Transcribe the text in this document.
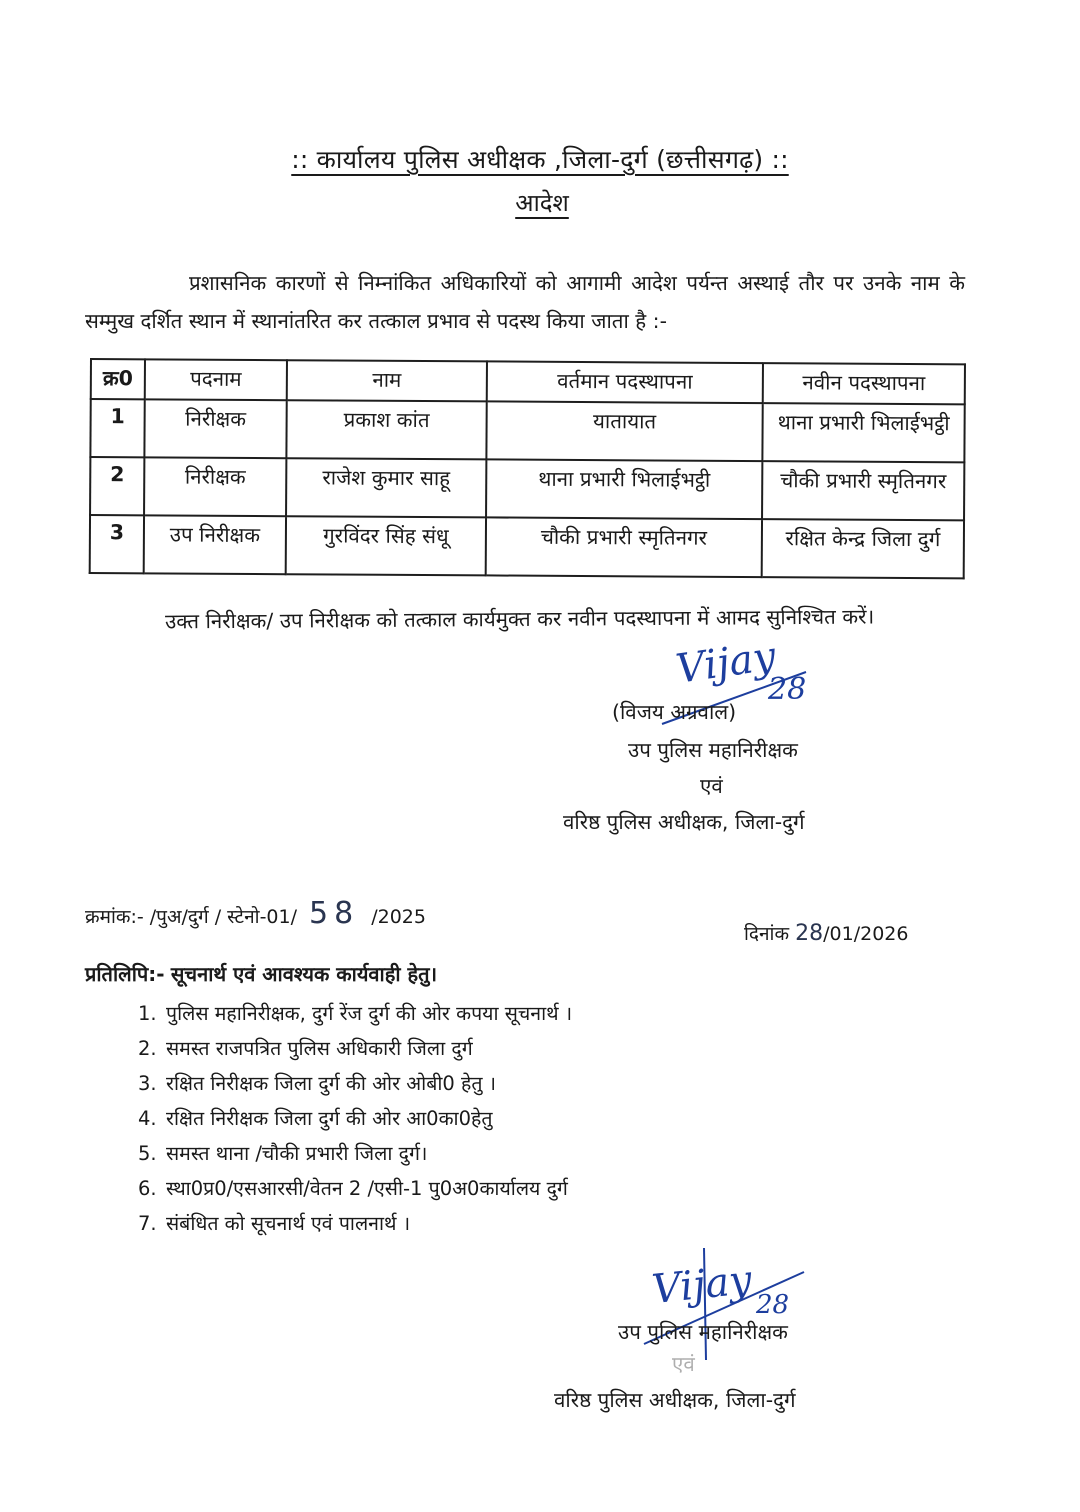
:: कार्यालय पुलिस अधीक्षक ,जिला-दुर्ग (छत्तीसगढ़) ::
आदेश
प्रशासनिक कारणों से निम्नांकित अधिकारियों को आगामी आदेश पर्यन्त अस्थाई तौर पर उनके नाम के सम्मुख दर्शित स्थान में स्थानांतरित कर तत्काल प्रभाव से पदस्थ किया जाता है :-
क्र0	पदनाम	नाम	वर्तमान पदस्थापना	नवीन पदस्थापना
1	निरीक्षक	प्रकाश कांत	यातायात	थाना प्रभारी भिलाईभट्ठी
2	निरीक्षक	राजेश कुमार साहू	थाना प्रभारी भिलाईभट्ठी	चौकी प्रभारी स्मृतिनगर
3	उप निरीक्षक	गुरविंदर सिंह संधू	चौकी प्रभारी स्मृतिनगर	रक्षित केन्द्र जिला दुर्ग
उक्त निरीक्षक/ उप निरीक्षक को तत्काल कार्यमुक्त कर नवीन पदस्थापना में आमद सुनिश्चित करें।
Vijay
28
(विजय अग्रवाल)
उप पुलिस महानिरीक्षक
एवं
वरिष्ठ पुलिस अधीक्षक, जिला-दुर्ग
क्रमांक:- /पुअ/दुर्ग / स्टेनो-01/ 58 /2025
दिनांक 28/01/2026
प्रतिलिपि:- सूचनार्थ एवं आवश्यक कार्यवाही हेतु।
1. पुलिस महानिरीक्षक, दुर्ग रेंज दुर्ग की ओर कपया सूचनार्थ ।
2. समस्त राजपत्रित पुलिस अधिकारी जिला दुर्ग
3. रक्षित निरीक्षक जिला दुर्ग की ओर ओबी0 हेतु ।
4. रक्षित निरीक्षक जिला दुर्ग की ओर आ0का0हेतु
5. समस्त थाना /चौकी प्रभारी जिला दुर्ग।
6. स्था0प्र0/एसआरसी/वेतन 2 /एसी-1 पु0अ0कार्यालय दुर्ग
7. संबंधित को सूचनार्थ एवं पालनार्थ ।
Vijay 28
उप पुलिस महानिरीक्षक
एवं
वरिष्ठ पुलिस अधीक्षक, जिला-दुर्ग
